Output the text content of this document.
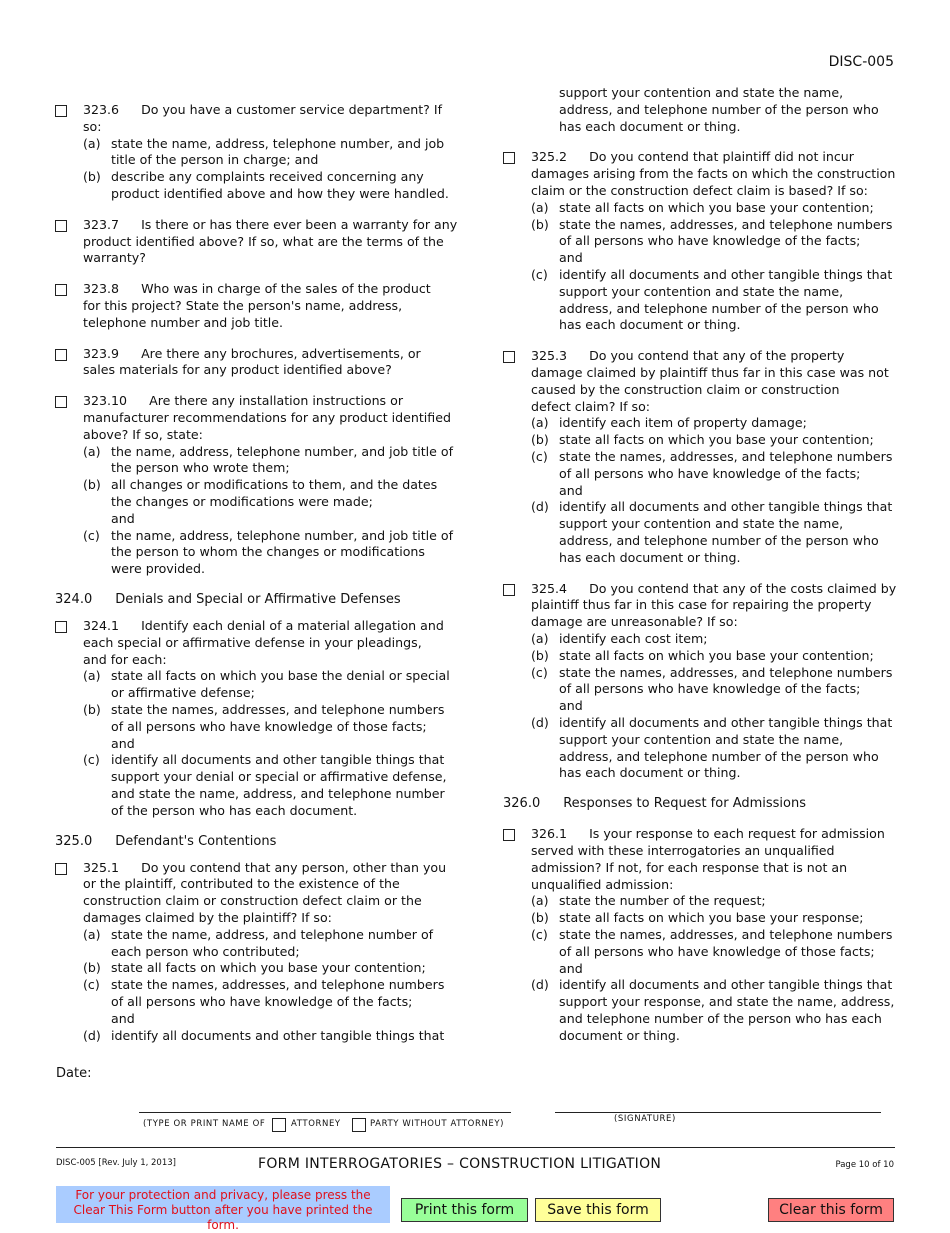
DISC-005
323.6 Do you have a customer service department? If
so:
(a) state the name, address, telephone number, and job
title of the person in charge; and
(b) describe any complaints received concerning any
product identified above and how they were handled.
323.7 Is there or has there ever been a warranty for any
product identified above? If so, what are the terms of the
warranty?
323.8 Who was in charge of the sales of the product
for this project? State the person's name, address,
telephone number and job title.
323.9 Are there any brochures, advertisements, or
sales materials for any product identified above?
323.10 Are there any installation instructions or
manufacturer recommendations for any product identified
above? If so, state:
(a) the name, address, telephone number, and job title of
the person who wrote them;
(b) all changes or modifications to them, and the dates
the changes or modifications were made;
and
(c) the name, address, telephone number, and job title of
the person to whom the changes or modifications
were provided.
324.0 Denials and Special or Affirmative Defenses
324.1 Identify each denial of a material allegation and
each special or affirmative defense in your pleadings,
and for each:
(a) state all facts on which you base the denial or special
or affirmative defense;
(b) state the names, addresses, and telephone numbers
of all persons who have knowledge of those facts;
and
(c) identify all documents and other tangible things that
support your denial or special or affirmative defense,
and state the name, address, and telephone number
of the person who has each document.
325.0 Defendant's Contentions
325.1 Do you contend that any person, other than you
or the plaintiff, contributed to the existence of the
construction claim or construction defect claim or the
damages claimed by the plaintiff? If so:
(a) state the name, address, and telephone number of
each person who contributed;
(b) state all facts on which you base your contention;
(c) state the names, addresses, and telephone numbers
of all persons who have knowledge of the facts;
and
(d) identify all documents and other tangible things that
support your contention and state the name,
address, and telephone number of the person who
has each document or thing.
325.2 Do you contend that plaintiff did not incur
damages arising from the facts on which the construction
claim or the construction defect claim is based? If so:
(a) state all facts on which you base your contention;
(b) state the names, addresses, and telephone numbers
of all persons who have knowledge of the facts;
and
(c) identify all documents and other tangible things that
support your contention and state the name,
address, and telephone number of the person who
has each document or thing.
325.3 Do you contend that any of the property
damage claimed by plaintiff thus far in this case was not
caused by the construction claim or construction
defect claim? If so:
(a) identify each item of property damage;
(b) state all facts on which you base your contention;
(c) state the names, addresses, and telephone numbers
of all persons who have knowledge of the facts;
and
(d) identify all documents and other tangible things that
support your contention and state the name,
address, and telephone number of the person who
has each document or thing.
325.4 Do you contend that any of the costs claimed by
plaintiff thus far in this case for repairing the property
damage are unreasonable? If so:
(a) identify each cost item;
(b) state all facts on which you base your contention;
(c) state the names, addresses, and telephone numbers
of all persons who have knowledge of the facts;
and
(d) identify all documents and other tangible things that
support your contention and state the name,
address, and telephone number of the person who
has each document or thing.
326.0 Responses to Request for Admissions
326.1 Is your response to each request for admission
served with these interrogatories an unqualified
admission? If not, for each response that is not an
unqualified admission:
(a) state the number of the request;
(b) state all facts on which you base your response;
(c) state the names, addresses, and telephone numbers
of all persons who have knowledge of those facts;
and
(d) identify all documents and other tangible things that
support your response, and state the name, address,
and telephone number of the person who has each
document or thing.
Date:
(TYPE OR PRINT NAME OF	ATTORNEY	PARTY WITHOUT ATTORNEY)	(SIGNATURE)
DISC-005 [Rev. July 1, 2013]	FORM INTERROGATORIES – CONSTRUCTION LITIGATION	Page 10 of 10
For your protection and privacy, please press the Clear This Form button after you have printed the form.
Print this form	Save this form	Clear this form
